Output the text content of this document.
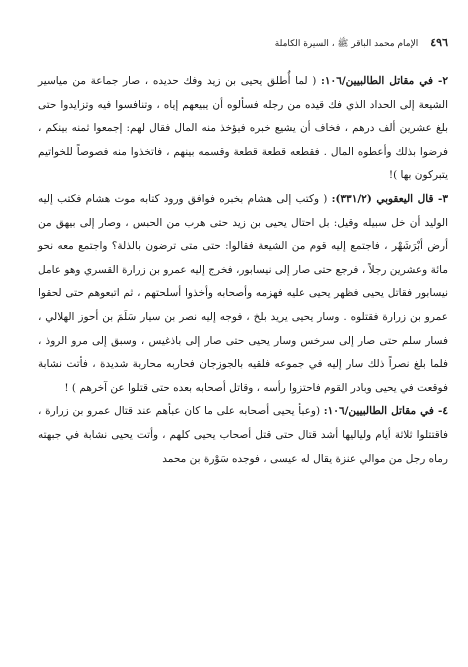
٤٩٦
الإمام محمد الباقر ﷺ ، السيرة الكاملة

٢- في مقاتل الطالبيين/١٠٦: ( لما أُطلق يحيى بن زيد وفك حديده ، صار جماعة من مياسير الشيعة إلى الحداد الذي فك قيده من رجله فسألوه أن يبيعهم إياه ، وتنافسوا فيه وتزايدوا حتى بلغ عشرين ألف درهم ، فخاف أن يشيع خبره فيؤخذ منه المال فقال لهم: إجمعوا ثمنه بينكم ، فرضوا بذلك وأعطوه المال . فقطعه قطعة قطعة وقسمه بينهم ، فاتخذوا منه فصوصاً للخواتيم يتبركون بها )!

٣- قال اليعقوبي (٣٣١/٢): ( وكتب إلى هشام بخبره فوافق ورود كتابه موت هشام فكتب إليه الوليد أن خل سبيله وقيل: بل احتال يحيى بن زيد حتى هرب من الحبس ، وصار إلى بيهق من أرض أبْرَشَهْر ، فاجتمع إليه قوم من الشيعة فقالوا: حتى متى ترضون بالذلة؟ واجتمع معه نحو مائة وعشرين رجلاً ، فرجع حتى صار إلى نيسابور، فخرج إليه عمرو بن زرارة القسري وهو عامل نيسابور فقاتل يحيى فظهر يحيى عليه فهزمه وأصحابه وأخذوا أسلحتهم ، ثم اتبعوهم حتى لحقوا عمرو بن زرارة فقتلوه . وسار يحيى يريد بلخ ، فوجه إليه نصر بن سيار سَلَمَ بن أحوز الهلالي ، فسار سلم حتى صار إلى سرخس وسار يحيى حتى صار إلى باذغيس ، وسبق إلى مرو الروذ ، فلما بلغ نصراً ذلك سار إليه في جموعه فلقيه بالجوزجان فحاربه محاربة شديدة ، فأتت نشابة فوقعت في يحيى وبادر القوم فاحتزوا رأسه ، وقاتل أصحابه بعده حتى قتلوا عن آخرهم ) !

٤- في مقاتل الطالبيين/١٠٦: (وعبأ يحيى أصحابه على ما كان عبأهم عند قتال عمرو بن زرارة ، فاقتتلوا ثلاثة أيام ولياليها أشد قتال حتى قتل أصحاب يحيى كلهم ، وأتت يحيى نشابة في جبهته رماه رجل من موالي عنزة يقال له عيسى ، فوجده سَوْرة بن محمد
